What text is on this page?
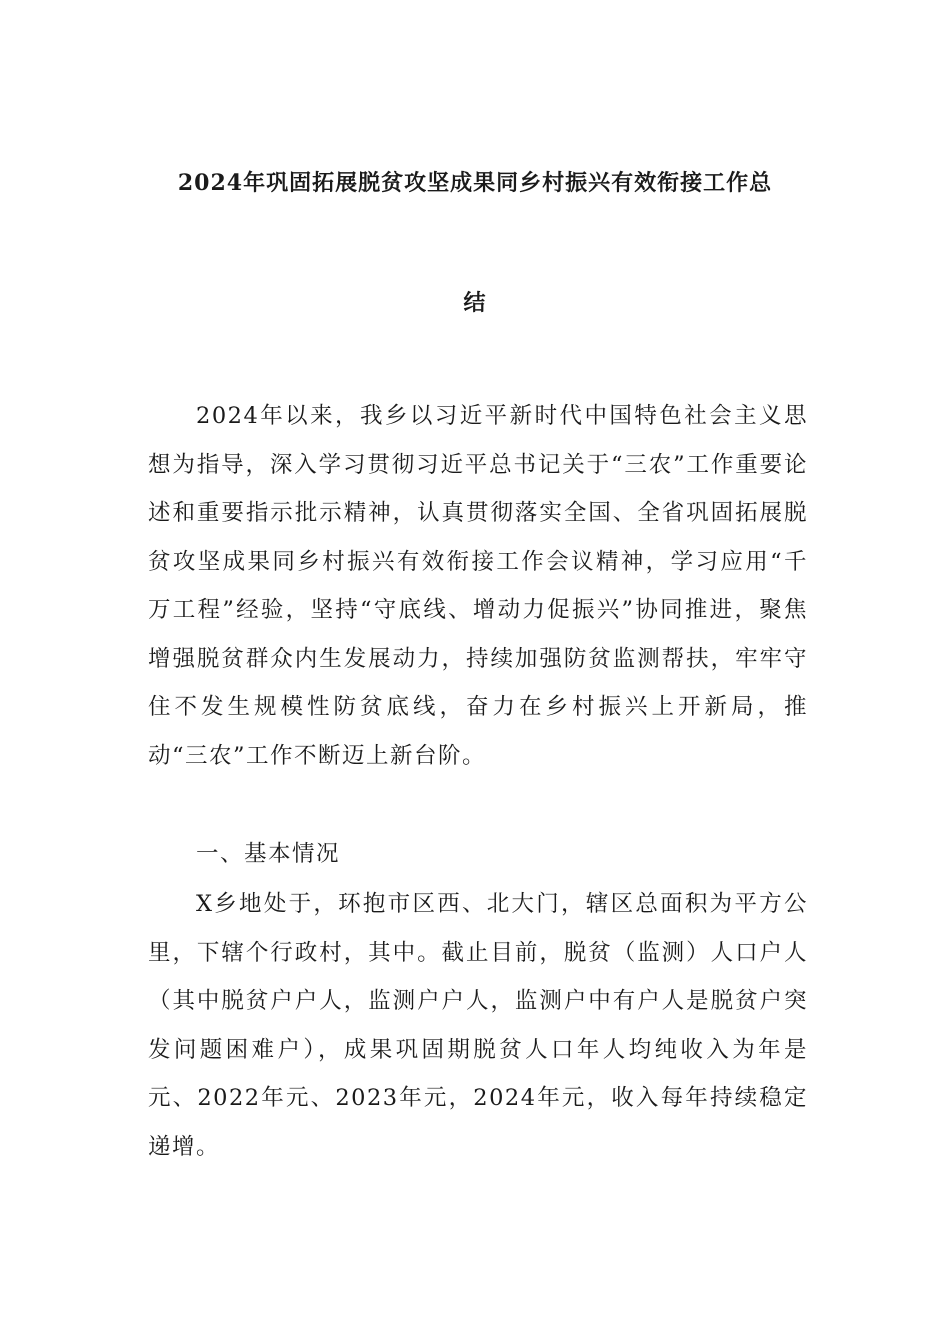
2024年巩固拓展脱贫攻坚成果同乡村振兴有效衔接工作总
结

2024年以来，我乡以习近平新时代中国特色社会主义思想为指导，深入学习贯彻习近平总书记关于“三农”工作重要论述和重要指示批示精神，认真贯彻落实全国、全省巩固拓展脱贫攻坚成果同乡村振兴有效衔接工作会议精神，学习应用“千万工程”经验，坚持“守底线、增动力促振兴”协同推进，聚焦增强脱贫群众内生发展动力，持续加强防贫监测帮扶，牢牢守住不发生规模性防贫底线，奋力在乡村振兴上开新局，推动“三农”工作不断迈上新台阶。

一、基本情况

X乡地处于，环抱市区西、北大门，辖区总面积为平方公里，下辖个行政村，其中。截止目前，脱贫（监测）人口户人（其中脱贫户户人，监测户户人，监测户中有户人是脱贫户突发问题困难户），成果巩固期脱贫人口年人均纯收入为年是元、2022年元、2023年元，2024年元，收入每年持续稳定递增。
